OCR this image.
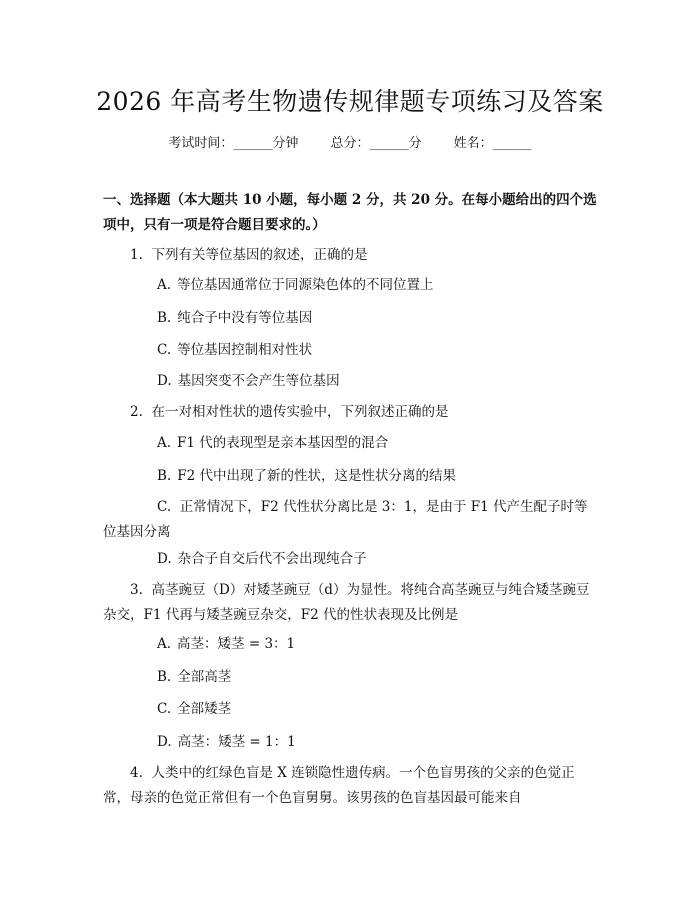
2026 年高考生物遗传规律题专项练习及答案
考试时间：______分钟 总分：______分 姓名：______
一、选择题（本大题共 10 小题，每小题 2 分，共 20 分。在每小题给出的四个选项中，只有一项是符合题目要求的。）
1. 下列有关等位基因的叙述，正确的是
A. 等位基因通常位于同源染色体的不同位置上
B. 纯合子中没有等位基因
C. 等位基因控制相对性状
D. 基因突变不会产生等位基因
2. 在一对相对性状的遗传实验中，下列叙述正确的是
A. F1 代的表现型是亲本基因型的混合
B. F2 代中出现了新的性状，这是性状分离的结果
C. 正常情况下，F2 代性状分离比是 3：1，是由于 F1 代产生配子时等位基因分离
D. 杂合子自交后代不会出现纯合子
3. 高茎豌豆（D）对矮茎豌豆（d）为显性。将纯合高茎豌豆与纯合矮茎豌豆杂交，F1 代再与矮茎豌豆杂交，F2 代的性状表现及比例是
A. 高茎：矮茎 = 3：1
B. 全部高茎
C. 全部矮茎
D. 高茎：矮茎 = 1：1
4. 人类中的红绿色盲是 X 连锁隐性遗传病。一个色盲男孩的父亲的色觉正常，母亲的色觉正常但有一个色盲舅舅。该男孩的色盲基因最可能来自
